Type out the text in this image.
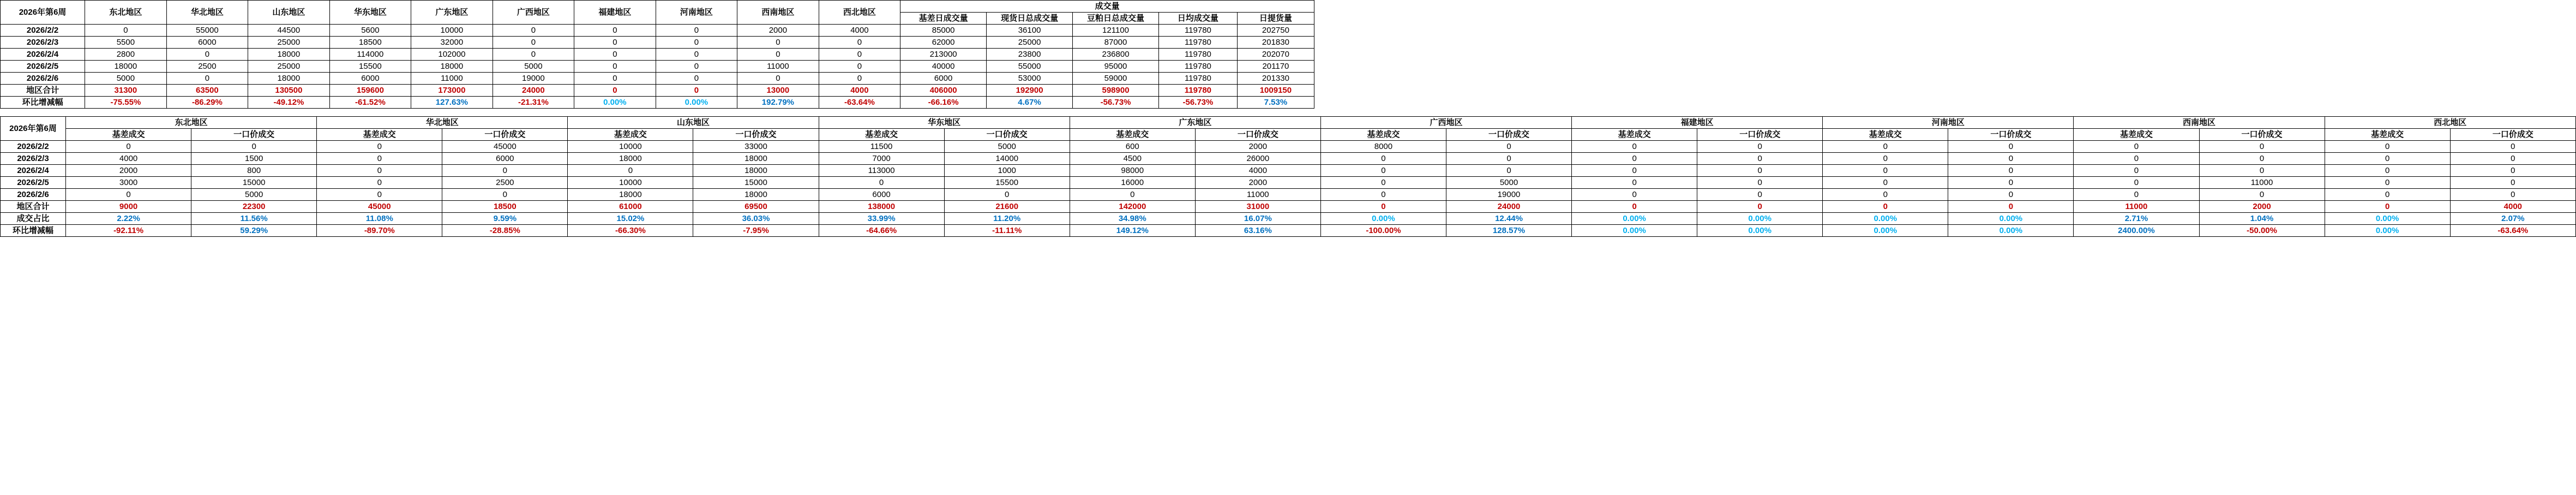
2026年第6周	东北地区	华北地区	山东地区	华东地区	广东地区	广西地区	福建地区	河南地区	西南地区	西北地区	成交量				
											基差日成交量	现货日总成交量	豆粕日总成交量	日均成交量	日提货量
2026/2/2	0	55000	44500	5600	10000	0	0	0	2000	4000	85000	36100	121100	119780	202750
2026/2/3	5500	6000	25000	18500	32000	0	0	0	0	0	62000	25000	87000	119780	201830
2026/2/4	2800	0	18000	114000	102000	0	0	0	0	0	213000	23800	236800	119780	202070
2026/2/5	18000	2500	25000	15500	18000	5000	0	0	11000	0	40000	55000	95000	119780	201170
2026/2/6	5000	0	18000	6000	11000	19000	0	0	0	0	6000	53000	59000	119780	201330
地区合计	31300	63500	130500	159600	173000	24000	0	0	13000	4000	406000	192900	598900	119780	1009150
环比增减幅	-75.55%	-86.29%	-49.12%	-61.52%	127.63%	-21.31%	0.00%	0.00%	192.79%	-63.64%	-66.16%	4.67%	-56.73%	-56.73%	7.53%
2026年第6周	东北地区		华北地区		山东地区		华东地区		广东地区		广西地区		福建地区		河南地区		西南地区		西北地区	
	基差成交	一口价成交	基差成交	一口价成交	基差成交	一口价成交	基差成交	一口价成交	基差成交	一口价成交	基差成交	一口价成交	基差成交	一口价成交	基差成交	一口价成交	基差成交	一口价成交	基差成交	一口价成交
2026/2/2	0	0	0	45000	10000	33000	11500	5000	600	2000	8000	0	0	0	0	0	0	0	0	0
2026/2/3	4000	1500	0	6000	18000	18000	7000	14000	4500	26000	0	0	0	0	0	0	0	0	0	0
2026/2/4	2000	800	0	0	0	18000	113000	1000	98000	4000	0	0	0	0	0	0	0	0	0	0
2026/2/5	3000	15000	0	2500	10000	15000	0	15500	16000	2000	0	5000	0	0	0	0	0	11000	0	0
2026/2/6	0	5000	0	0	18000	18000	6000	0	0	11000	0	19000	0	0	0	0	0	0	0	0
地区合计	9000	22300	45000	18500	61000	69500	138000	21600	142000	31000	0	24000	0	0	0	0	11000	2000	0	4000
成交占比	2.22%	11.56%	11.08%	9.59%	15.02%	36.03%	33.99%	11.20%	34.98%	16.07%	0.00%	12.44%	0.00%	0.00%	0.00%	0.00%	2.71%	1.04%	0.00%	2.07%
环比增减幅	-92.11%	59.29%	-89.70%	-28.85%	-66.30%	-7.95%	-64.66%	-11.11%	149.12%	63.16%	-100.00%	128.57%	0.00%	0.00%	0.00%	0.00%	2400.00%	-50.00%	0.00%	-63.64%
